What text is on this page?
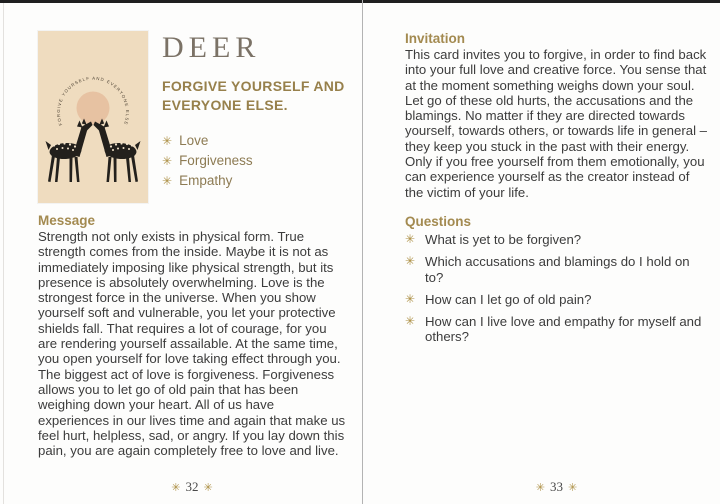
FORGIVE YOURSELF AND EVERYONE ELSE
DEER
FORGIVE YOURSELF AND EVERYONE ELSE.
✳ Love
✳ Forgiveness
✳ Empathy
Message

Strength not only exists in physical form. True strength comes from the inside. Maybe it is not as immediately imposing like physical strength, but its presence is absolutely overwhelming. Love is the strongest force in the universe. When you show yourself soft and vulnerable, you let your protective shields fall. That requires a lot of courage, for you are rendering yourself assailable. At the same time, you open yourself for love taking effect through you. The biggest act of love is forgiveness. Forgiveness allows you to let go of old pain that has been weighing down your heart. All of us have experiences in our lives time and again that make us feel hurt, helpless, sad, or angry. If you lay down this pain, you are again completely free to love and live.

✳ 32 ✳
Invitation

This card invites you to forgive, in order to find back into your full love and creative force. You sense that at the moment something weighs down your soul. Let go of these old hurts, the accusations and the blamings. No matter if they are directed towards yourself, towards others, or towards life in general – they keep you stuck in the past with their energy. Only if you free yourself from them emotionally, you can experience yourself as the creator instead of the victim of your life.

Questions
✳ What is yet to be forgiven?
✳ Which accusations and blamings do I hold on to?
✳ How can I let go of old pain?
✳ How can I live love and empathy for myself and others?
✳ 33 ✳
